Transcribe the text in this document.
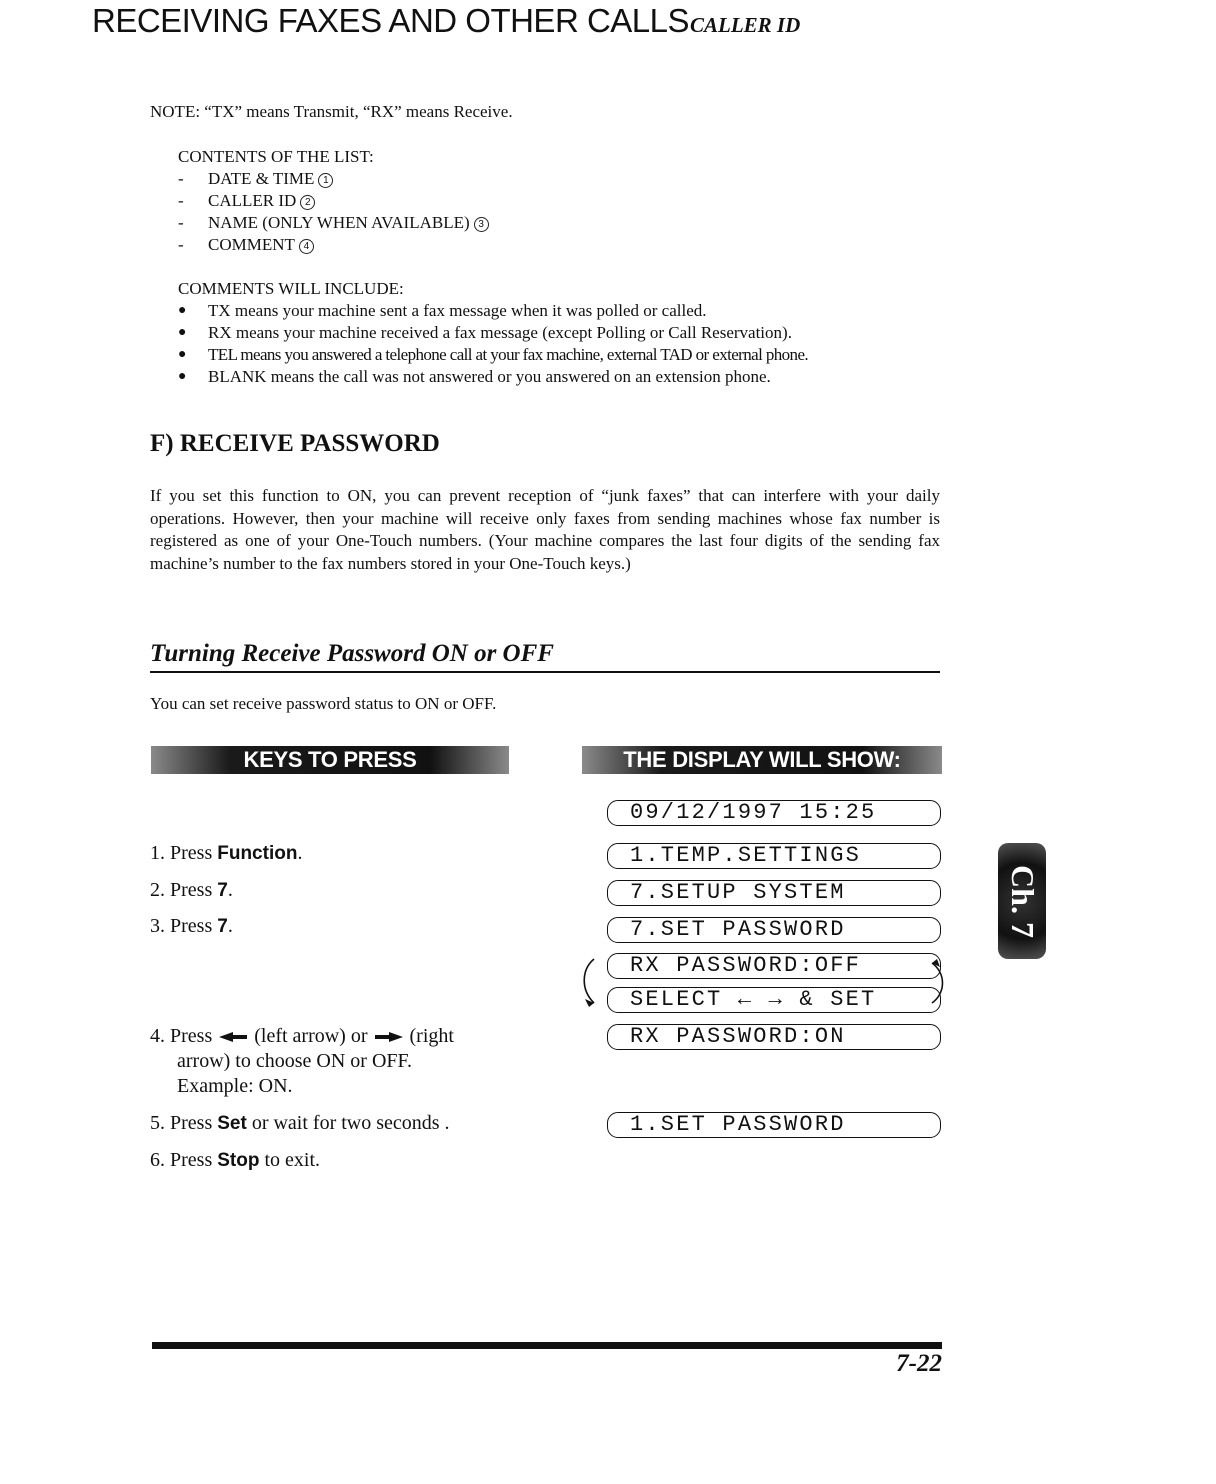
RECEIVING FAXES AND OTHER CALLS CALLER ID
NOTE: “TX” means Transmit, “RX” means Receive.
CONTENTS OF THE LIST:
-	DATE & TIME 1
-	CALLER ID 2
-	NAME (ONLY WHEN AVAILABLE) 3
-	COMMENT 4
COMMENTS WILL INCLUDE:
●	TX means your machine sent a fax message when it was polled or called.
●	RX means your machine received a fax message (except Polling or Call Reservation).
●	TEL means you answered a telephone call at your fax machine, external TAD or external phone.
●	BLANK means the call was not answered or you answered on an extension phone.
F) RECEIVE PASSWORD
If you set this function to ON, you can prevent reception of “junk faxes” that can interfere with your daily operations. However, then your machine will receive only faxes from sending machines whose fax number is registered as one of your One-Touch numbers. (Your machine compares the last four digits of the sending fax machine’s number to the fax numbers stored in your One-Touch keys.)
Turning Receive Password ON or OFF
You can set receive password status to ON or OFF.
KEYS TO PRESS	THE DISPLAY WILL SHOW:
1. Press Function.
2. Press 7.
3. Press 7.
4. Press (left arrow) or (right
arrow) to choose ON or OFF.
Example: ON.
5. Press Set or wait for two seconds .
6. Press Stop to exit.
09/12/1997 15:25
1.TEMP.SETTINGS
7.SETUP SYSTEM
7.SET PASSWORD
RX PASSWORD:OFF
SELECT ← → & SET
RX PASSWORD:ON
1.SET PASSWORD
Ch. 7
7-22
